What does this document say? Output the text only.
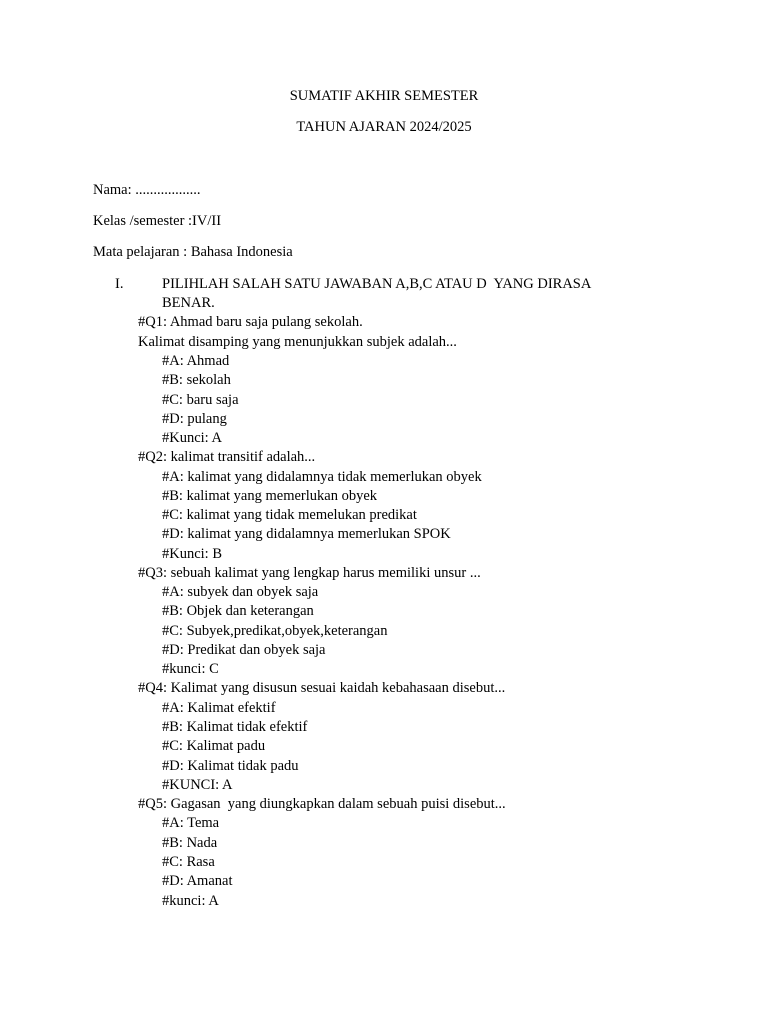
SUMATIF AKHIR SEMESTER
TAHUN AJARAN 2024/2025
Nama: ..................
Kelas /semester :IV/II
Mata pelajaran : Bahasa Indonesia
I.	PILIHLAH SALAH SATU JAWABAN A,B,C ATAU D  YANG DIRASA
BENAR.
#Q1: Ahmad baru saja pulang sekolah.
Kalimat disamping yang menunjukkan subjek adalah...
#A: Ahmad
#B: sekolah
#C: baru saja
#D: pulang
#Kunci: A
#Q2: kalimat transitif adalah...
#A: kalimat yang didalamnya tidak memerlukan obyek
#B: kalimat yang memerlukan obyek
#C: kalimat yang tidak memelukan predikat
#D: kalimat yang didalamnya memerlukan SPOK
#Kunci: B
#Q3: sebuah kalimat yang lengkap harus memiliki unsur ...
#A: subyek dan obyek saja
#B: Objek dan keterangan
#C: Subyek,predikat,obyek,keterangan
#D: Predikat dan obyek saja
#kunci: C
#Q4: Kalimat yang disusun sesuai kaidah kebahasaan disebut...
#A: Kalimat efektif
#B: Kalimat tidak efektif
#C: Kalimat padu
#D: Kalimat tidak padu
#KUNCI: A
#Q5: Gagasan  yang diungkapkan dalam sebuah puisi disebut...
#A: Tema
#B: Nada
#C: Rasa
#D: Amanat
#kunci: A
